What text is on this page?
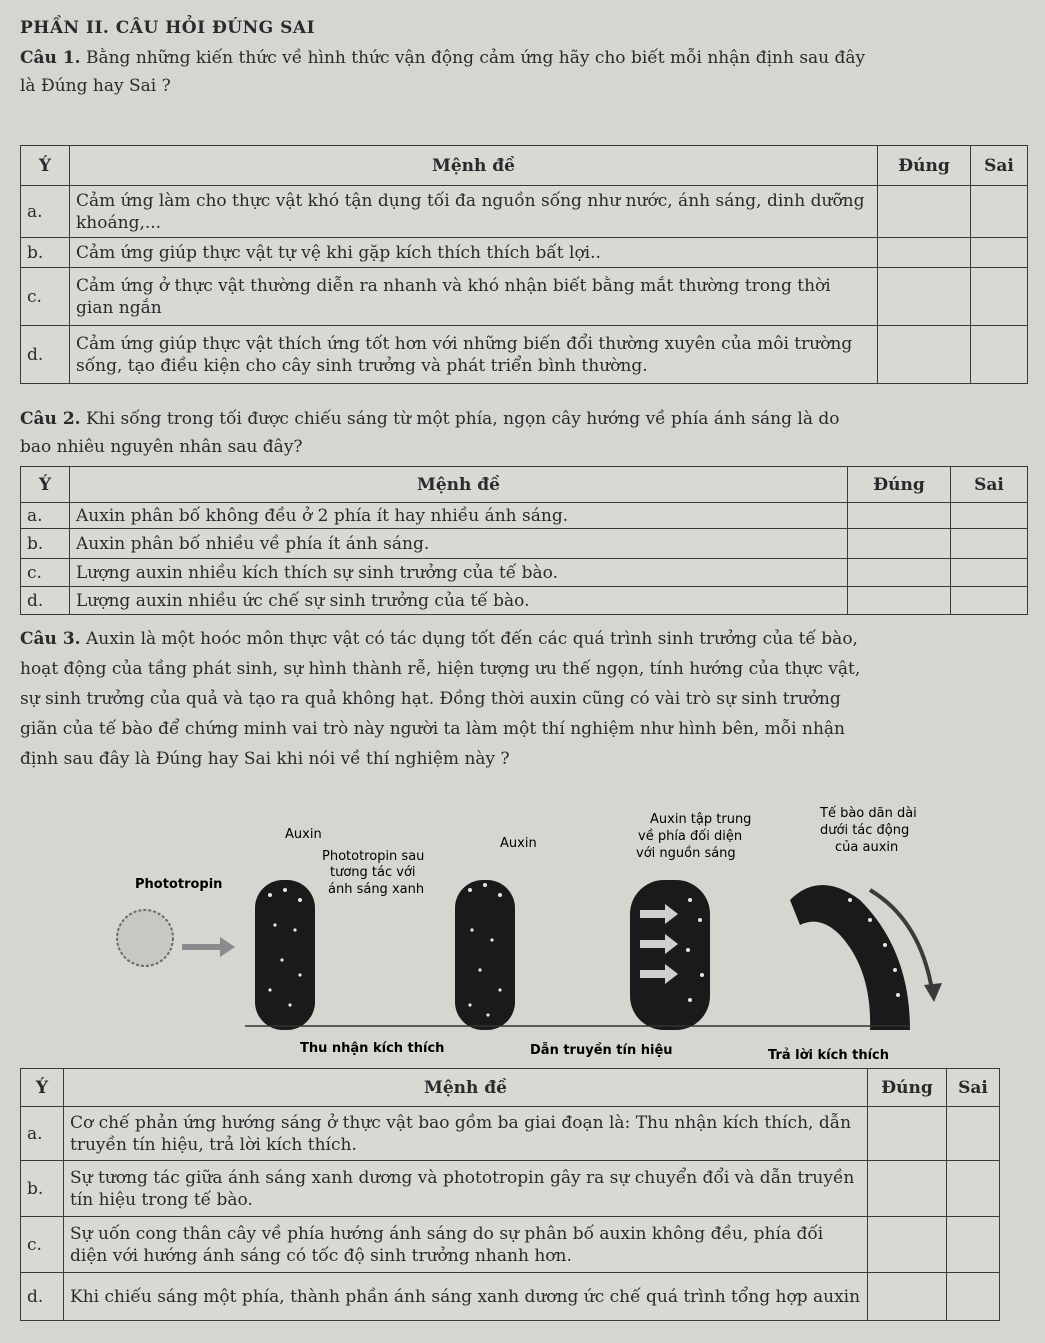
PHẦN II. CÂU HỎI ĐÚNG SAI
Câu 1. Bằng những kiến thức về hình thức vận động cảm ứng hãy cho biết mỗi nhận định sau đây
là Đúng hay Sai ?
Ý	Mệnh đề	Đúng	Sai
a.	Cảm ứng làm cho thực vật khó tận dụng tối đa nguồn sống như nước, ánh sáng, dinh dưỡng khoáng,...		
b.	Cảm ứng giúp thực vật tự vệ khi gặp kích thích thích bất lợi..		
c.	Cảm ứng ở thực vật thường diễn ra nhanh và khó nhận biết bằng mắt thường trong thời gian ngắn		
d.	Cảm ứng giúp thực vật thích ứng tốt hơn với những biến đổi thường xuyên của môi trường sống, tạo điều kiện cho cây sinh trưởng và phát triển bình thường.		
Câu 2. Khi sống trong tối được chiếu sáng từ một phía, ngọn cây hướng về phía ánh sáng là do
bao nhiêu nguyên nhân sau đây?
Ý	Mệnh đề	Đúng	Sai
a.	Auxin phân bố không đều ở 2 phía ít hay nhiều ánh sáng.		
b.	Auxin phân bố nhiều về phía ít ánh sáng.		
c.	Lượng auxin nhiều kích thích sự sinh trưởng của tế bào.		
d.	Lượng auxin nhiều ức chế sự sinh trưởng của tế bào.		
Câu 3. Auxin là một hoóc môn thực vật có tác dụng tốt đến các quá trình sinh trưởng của tế bào,
hoạt động của tầng phát sinh, sự hình thành rễ, hiện tượng ưu thế ngọn, tính hướng của thực vật,
sự sinh trưởng của quả và tạo ra quả không hạt. Đồng thời auxin cũng có vài trò sự sinh trưởng
giãn của tế bào để chứng minh vai trò này người ta làm một thí nghiệm như hình bên, mỗi nhận
định sau đây là Đúng hay Sai khi nói về thí nghiệm này ?
Auxin
Phototropin
Phototropin sau
tương tác với
ánh sáng xanh
Auxin
Auxin tập trung
về phía đối diện
với nguồn sáng
Tế bào dãn dài
dưới tác động
của auxin
Thu nhận kích thích	Dẫn truyền tín hiệu	Trả lời kích thích
Ý	Mệnh đề	Đúng	Sai
a.	Cơ chế phản ứng hướng sáng ở thực vật bao gồm ba giai đoạn là: Thu nhận kích thích, dẫn truyền tín hiệu, trả lời kích thích.		
b.	Sự tương tác giữa ánh sáng xanh dương và phototropin gây ra sự chuyển đổi và dẫn truyền tín hiệu trong tế bào.		
c.	Sự uốn cong thân cây về phía hướng ánh sáng do sự phân bố auxin không đều, phía đối diện với hướng ánh sáng có tốc độ sinh trưởng nhanh hơn.		
d.	Khi chiếu sáng một phía, thành phần ánh sáng xanh dương ức chế quá trình tổng hợp auxin		
